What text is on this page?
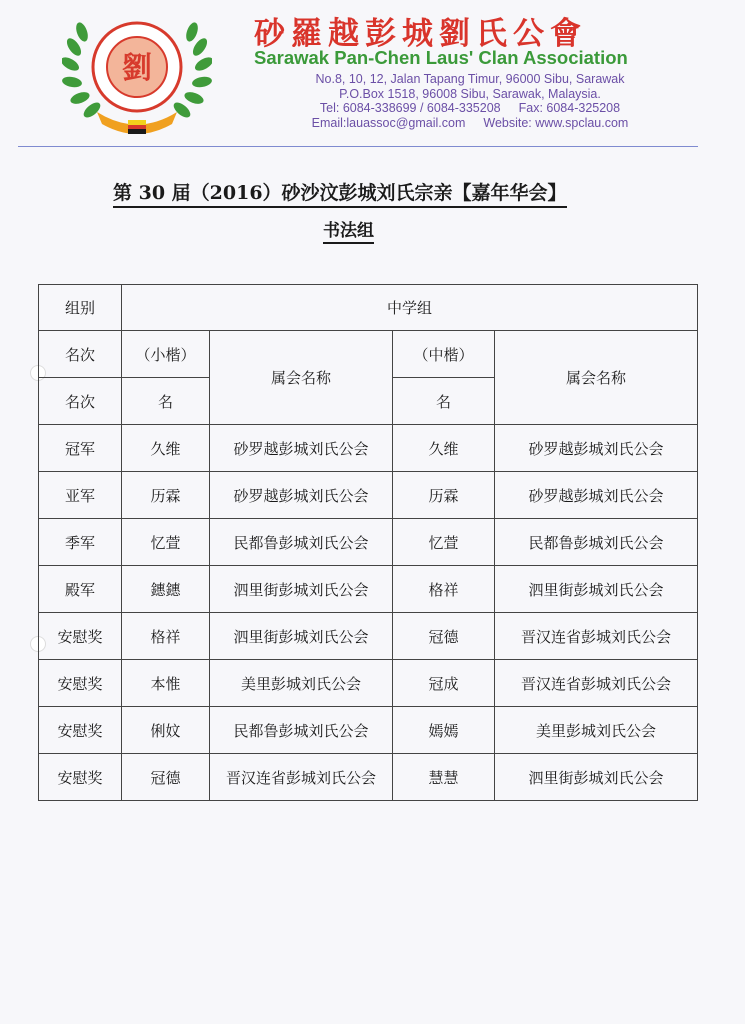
劉
砂羅越彭城劉氏公會
Sarawak Pan-Chen Laus' Clan Association
No.8, 10, 12, Jalan Tapang Timur, 96000 Sibu, Sarawak
P.O.Box 1518, 96008 Sibu, Sarawak, Malaysia.
Tel: 6084-338699 / 6084-335208 Fax: 6084-325208
Email:lauassoc@gmail.com Website: www.spclau.com
第 30 届（2016）砂沙汶彭城刘氏宗亲【嘉年华会】
书法组
组别	中学组			
名次	（小楷）	属会名称	（中楷）	属会名称
名次	名		名	
冠军	久维	砂罗越彭城刘氏公会	久维	砂罗越彭城刘氏公会
亚军	历霖	砂罗越彭城刘氏公会	历霖	砂罗越彭城刘氏公会
季军	忆萱	民都鲁彭城刘氏公会	忆萱	民都鲁彭城刘氏公会
殿军	鏸鏸	泗里街彭城刘氏公会	格祥	泗里街彭城刘氏公会
安慰奖	格祥	泗里街彭城刘氏公会	冠德	晋汉连省彭城刘氏公会
安慰奖	本惟	美里彭城刘氏公会	冠成	晋汉连省彭城刘氏公会
安慰奖	俐妏	民都鲁彭城刘氏公会	嫣嫣	美里彭城刘氏公会
安慰奖	冠德	晋汉连省彭城刘氏公会	慧慧	泗里街彭城刘氏公会
